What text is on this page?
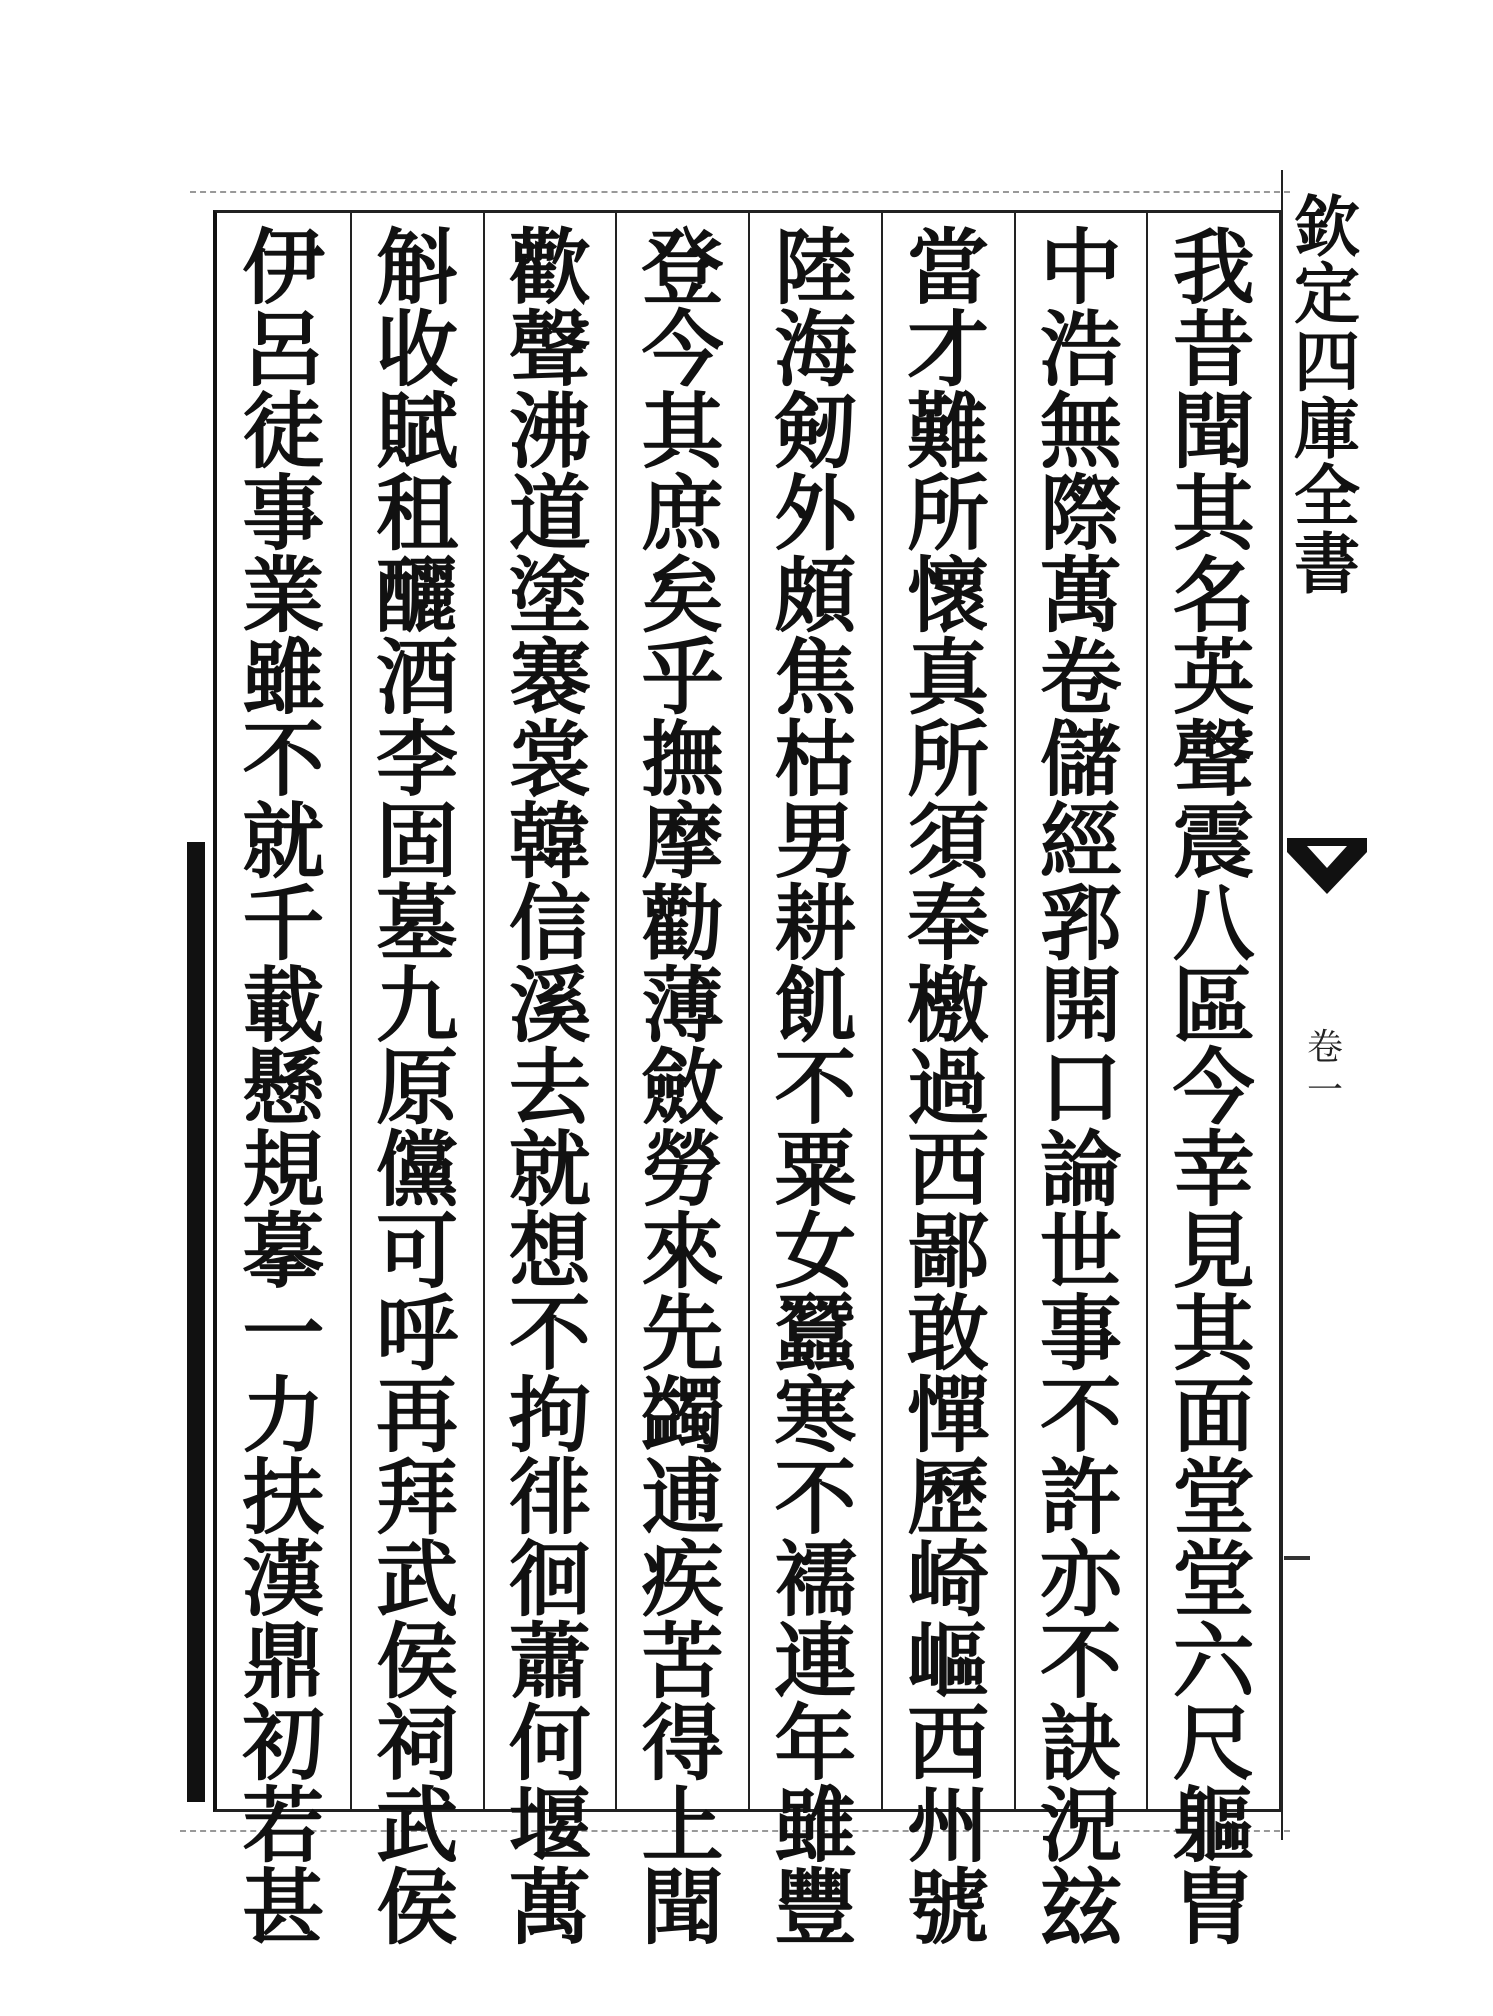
我
昔
聞
其
名
英
聲
震
八
區
今
幸
見
其
面
堂
堂
六
尺
軀
胄
中
浩
無
際
萬
卷
儲
經
郛
開
口
論
世
事
不
許
亦
不
訣
況
玆
當
才
難
所
懷
真
所
須
奉
檄
過
西
鄙
敢
憚
歷
崎
嶇
西
州
號
陸
海
剱
外
頗
焦
枯
男
耕
飢
不
粟
女
蠶
寒
不
襦
連
年
雖
豐
登
今
其
庶
矣
乎
撫
摩
勸
薄
斂
勞
來
先
蠲
逋
疾
苦
得
上
聞
歡
聲
沸
道
塗
褰
裳
韓
信
溪
去
就
想
不
拘
徘
徊
蕭
何
堰
萬
斛
收
賦
租
釃
酒
李
固
墓
九
原
儻
可
呼
再
拜
武
侯
祠
武
侯
伊
呂
徒
事
業
雖
不
就
千
載
懸
規
摹
一
力
扶
漢
鼎
初
若
甚
欽
定
四
庫
全
書
卷
一
